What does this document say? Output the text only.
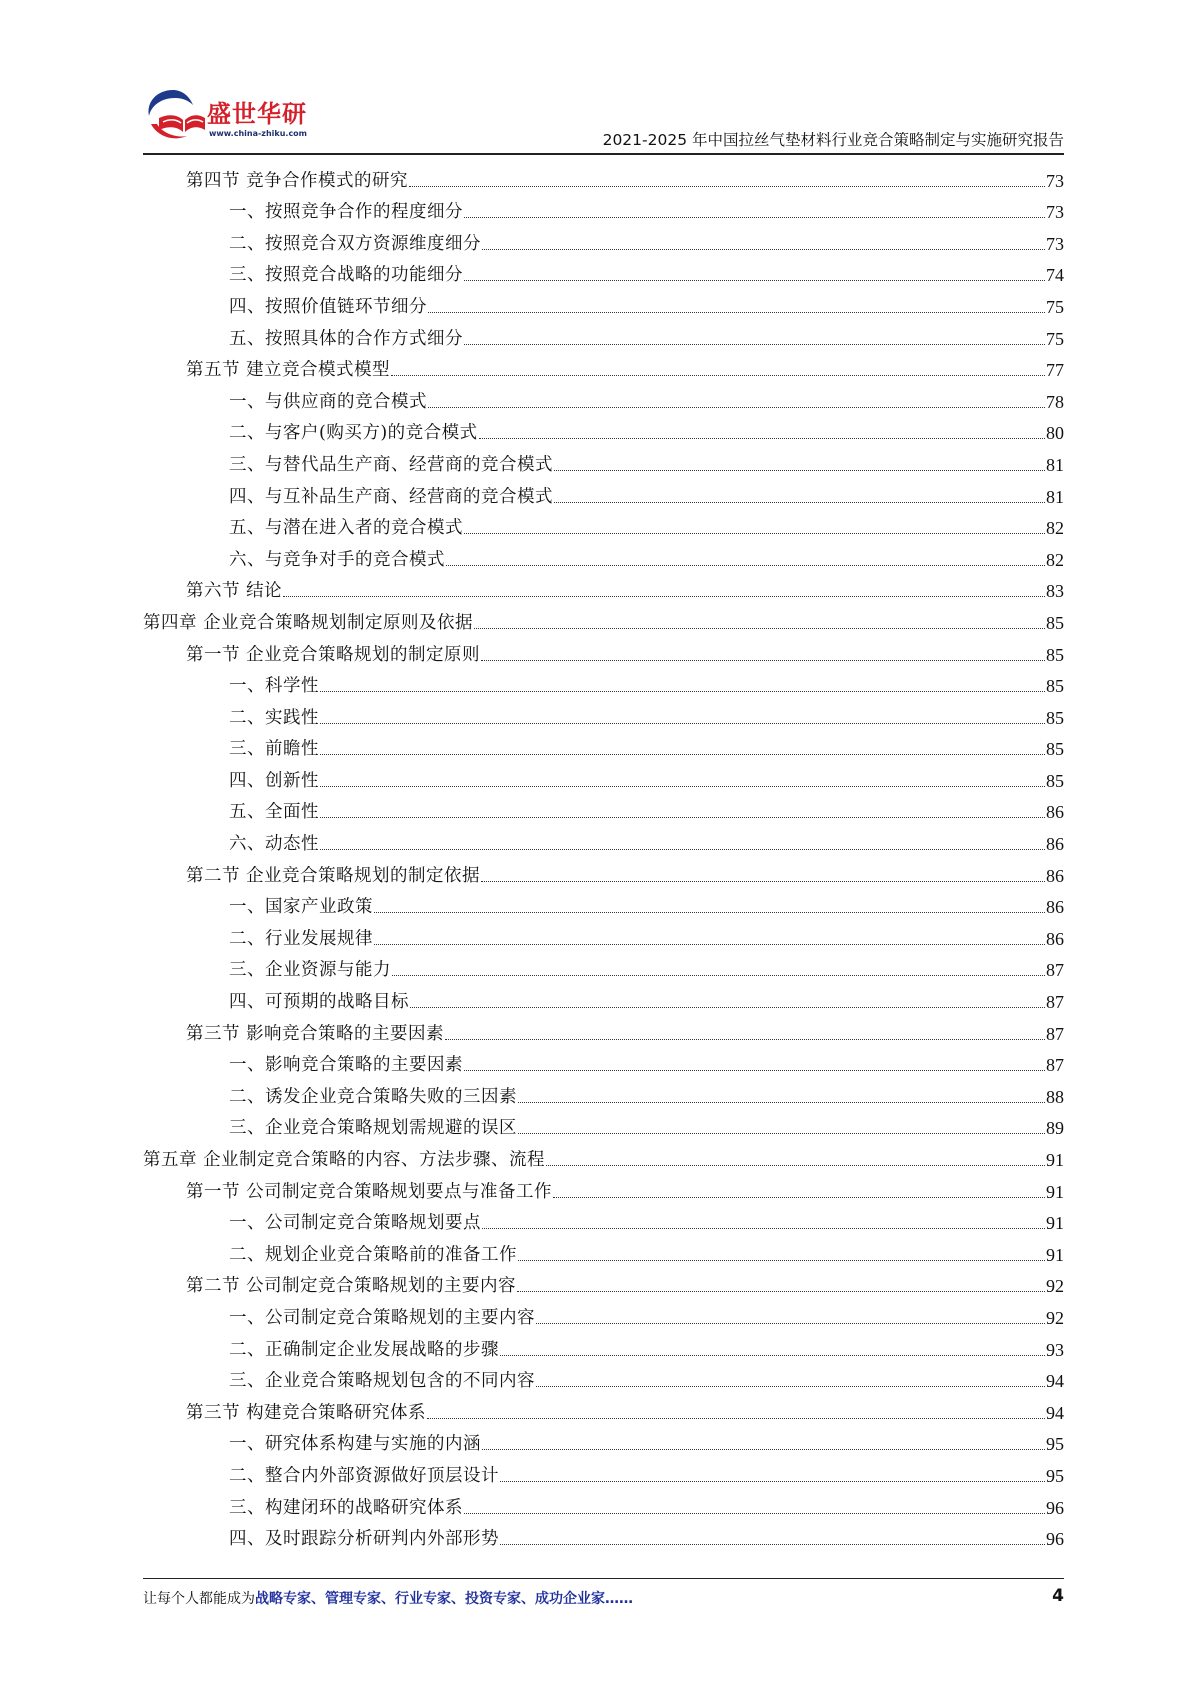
盛世华研
www.china-zhiku.com	2021-2025 年中国拉丝气垫材料行业竞合策略制定与实施研究报告
第四节 竞争合作模式的研究	73
一、按照竞争合作的程度细分	73
二、按照竞合双方资源维度细分	73
三、按照竞合战略的功能细分	74
四、按照价值链环节细分	75
五、按照具体的合作方式细分	75
第五节 建立竞合模式模型	77
一、与供应商的竞合模式	78
二、与客户(购买方)的竞合模式	80
三、与替代品生产商、经营商的竞合模式	81
四、与互补品生产商、经营商的竞合模式	81
五、与潜在进入者的竞合模式	82
六、与竞争对手的竞合模式	82
第六节 结论	83
第四章 企业竞合策略规划制定原则及依据	85
第一节 企业竞合策略规划的制定原则	85
一、科学性	85
二、实践性	85
三、前瞻性	85
四、创新性	85
五、全面性	86
六、动态性	86
第二节 企业竞合策略规划的制定依据	86
一、国家产业政策	86
二、行业发展规律	86
三、企业资源与能力	87
四、可预期的战略目标	87
第三节 影响竞合策略的主要因素	87
一、影响竞合策略的主要因素	87
二、诱发企业竞合策略失败的三因素	88
三、企业竞合策略规划需规避的误区	89
第五章 企业制定竞合策略的内容、方法步骤、流程	91
第一节 公司制定竞合策略规划要点与准备工作	91
一、公司制定竞合策略规划要点	91
二、规划企业竞合策略前的准备工作	91
第二节 公司制定竞合策略规划的主要内容	92
一、公司制定竞合策略规划的主要内容	92
二、正确制定企业发展战略的步骤	93
三、企业竞合策略规划包含的不同内容	94
第三节 构建竞合策略研究体系	94
一、研究体系构建与实施的内涵	95
二、整合内外部资源做好顶层设计	95
三、构建闭环的战略研究体系	96
四、及时跟踪分析研判内外部形势	96
让每个人都能成为战略专家、管理专家、行业专家、投资专家、成功企业家……	4
